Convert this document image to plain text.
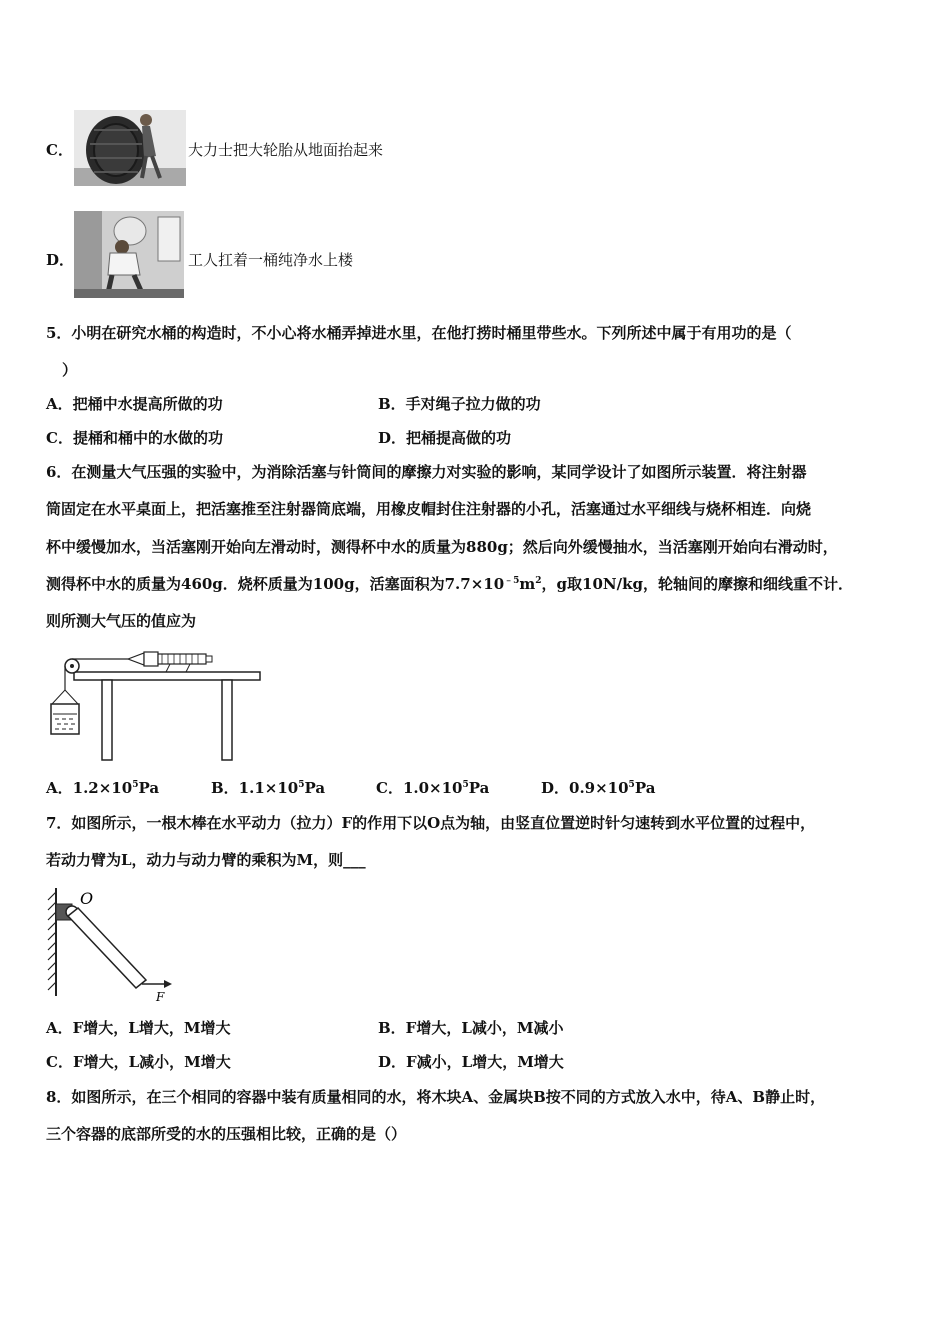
C．	大力士把大轮胎从地面抬起来
D．	工人扛着一桶纯净水上楼
5．小明在研究水桶的构造时，不小心将水桶弄掉进水里，在他打捞时桶里带些水。下列所述中属于有用功的是（
）
A．把桶中水提高所做的功	B．手对绳子拉力做的功
C．提桶和桶中的水做的功	D．把桶提高做的功
6．在测量大气压强的实验中，为消除活塞与针筒间的摩擦力对实验的影响，某同学设计了如图所示装置．将注射器
筒固定在水平桌面上，把活塞推至注射器筒底端，用橡皮帽封住注射器的小孔，活塞通过水平细线与烧杯相连．向烧
杯中缓慢加水，当活塞刚开始向左滑动时，测得杯中水的质量为880g；然后向外缓慢抽水，当活塞刚开始向右滑动时，
测得杯中水的质量为460g．烧杯质量为100g，活塞面积为$7.7\times 10^{﹣5}m^2$，g取10N/kg，轮轴间的摩擦和细线重不计．
则所测大气压的值应为
A．$1.2\times 10^5Pa$	B．$1.1\times 10^5Pa$	C．$1.0\times 10^5Pa$	D．$0.9\times 10^5Pa$
7．如图所示，一根木棒在水平动力（拉力）F的作用下以O点为轴，由竖直位置逆时针匀速转到水平位置的过程中，
若动力臂为L，动力与动力臂的乘积为M，则___
O
F
A．F增大，L增大，M增大	B．F增大，L减小，M减小
C．F增大，L减小，M增大	D．F减小，L增大，M增大
8．如图所示，在三个相同的容器中装有质量相同的水，将木块A、金属块B按不同的方式放入水中，待A、B静止时，
三个容器的底部所受的水的压强相比较，正确的是（）
